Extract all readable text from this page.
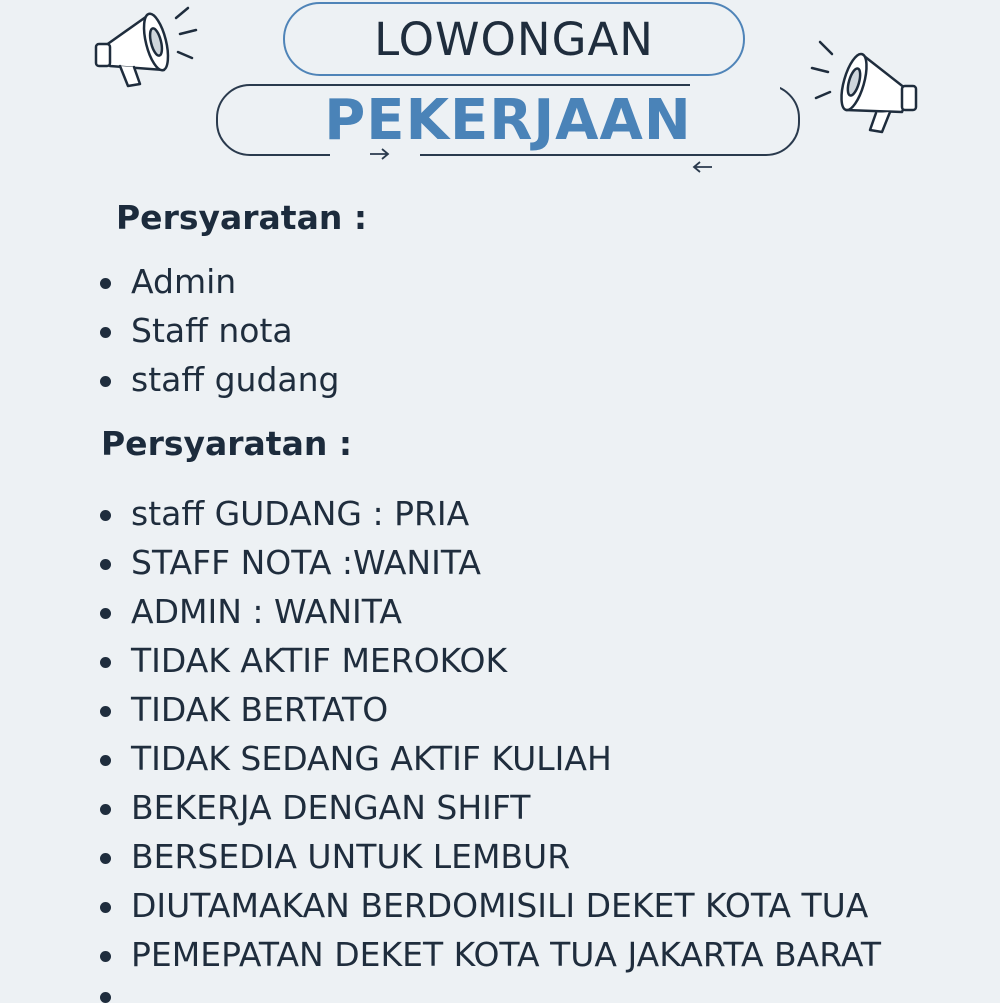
LOWONGAN
PEKERJAAN
Persyaratan :
Admin
Staff nota
staff gudang
Persyaratan :
staff GUDANG : PRIA
STAFF NOTA :WANITA
ADMIN : WANITA
TIDAK AKTIF MEROKOK
TIDAK BERTATO
TIDAK SEDANG AKTIF KULIAH
BEKERJA DENGAN SHIFT
BERSEDIA UNTUK LEMBUR
DIUTAMAKAN BERDOMISILI DEKET KOTA TUA
PEMEPATAN DEKET KOTA TUA JAKARTA BARAT
